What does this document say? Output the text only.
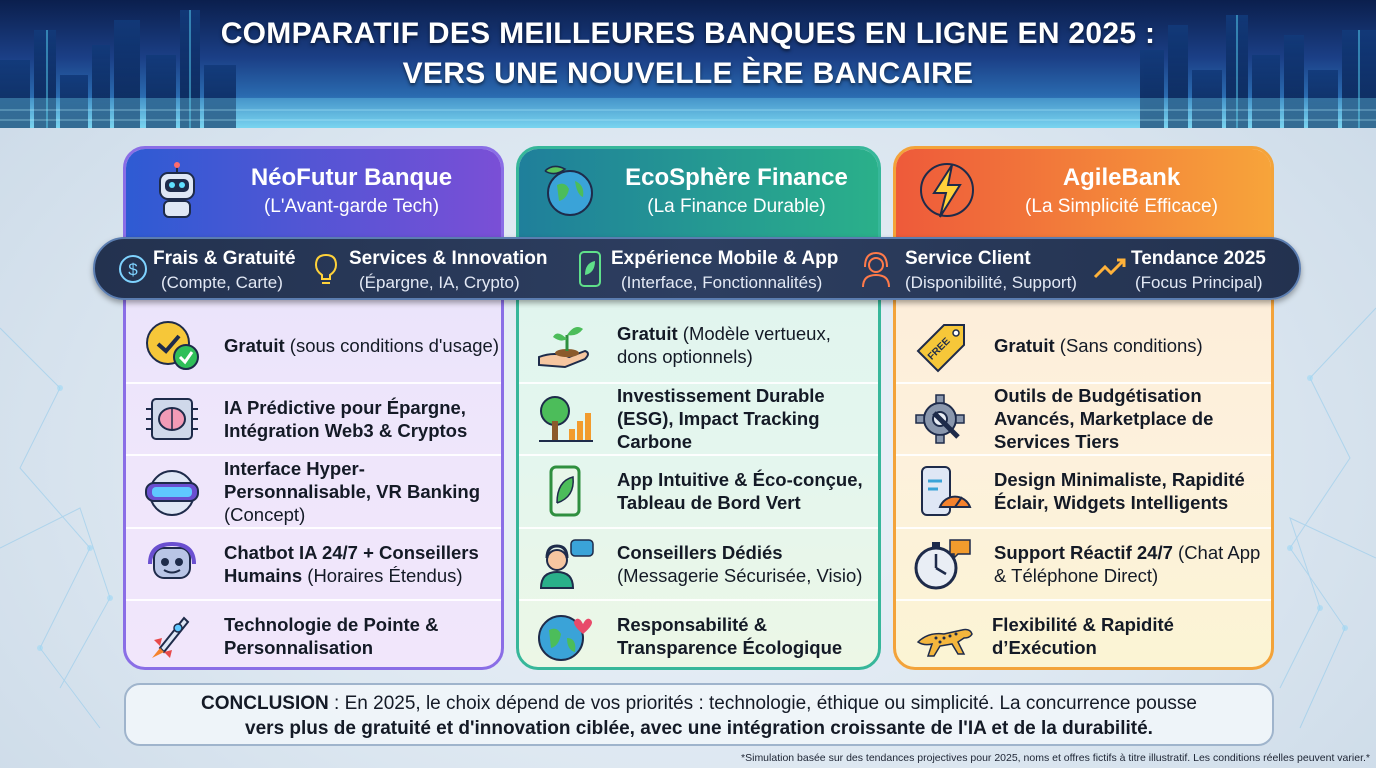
COMPARATIF DES MEILLEURES BANQUES EN LIGNE EN 2025 :
VERS UNE NOUVELLE ÈRE BANCAIRE
NéoFutur Banque
(L'Avant-garde Tech)
Gratuit (sous conditions d'usage)
IA Prédictive pour Épargne, Intégration Web3 & Cryptos
Interface Hyper-Personnalisable, VR Banking (Concept)
Chatbot IA 24/7 + Conseillers Humains (Horaires Étendus)
Technologie de Pointe & Personnalisation
EcoSphère Finance
(La Finance Durable)
Gratuit (Modèle vertueux, dons optionnels)
Investissement Durable (ESG), Impact Tracking Carbone
App Intuitive & Éco-conçue, Tableau de Bord Vert
Conseillers Dédiés (Messagerie Sécurisée, Visio)
Responsabilité & Transparence Écologique
AgileBank
(La Simplicité Efficace)
FREE Gratuit (Sans conditions)
Outils de Budgétisation Avancés, Marketplace de Services Tiers
Design Minimaliste, Rapidité Éclair, Widgets Intelligents
Support Réactif 24/7 (Chat App & Téléphone Direct)
Flexibilité & Rapidité d’Exécution
$
Frais & Gratuité
(Compte, Carte)
Services & Innovation
(Épargne, IA, Crypto)
Expérience Mobile & App
(Interface, Fonctionnalités)
Service Client
(Disponibilité, Support)
Tendance 2025
(Focus Principal)
CONCLUSION : En 2025, le choix dépend de vos priorités : technologie, éthique ou simplicité. La concurrence pousse
vers plus de gratuité et d'innovation ciblée, avec une intégration croissante de l'IA et de la durabilité.
*Simulation basée sur des tendances projectives pour 2025, noms et offres fictifs à titre illustratif. Les conditions réelles peuvent varier.*
